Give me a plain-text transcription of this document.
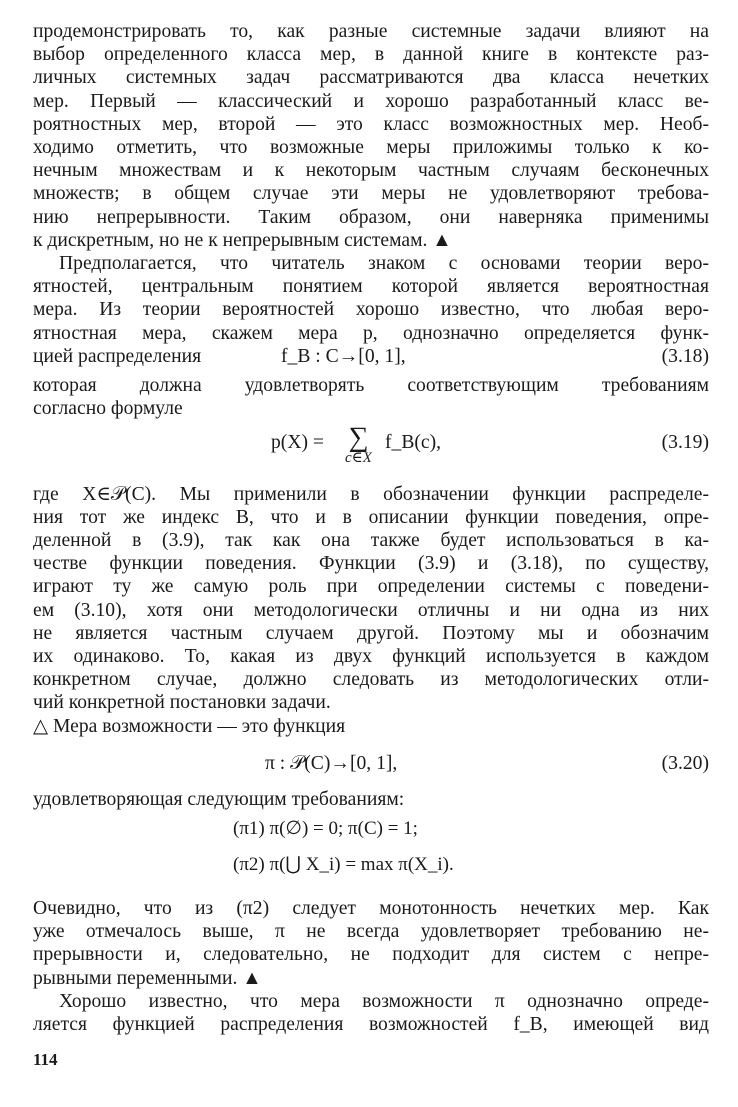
продемонстрировать то, как разные системные задачи влияют на
выбор определенного класса мер, в данной книге в контексте раз-
личных системных задач рассматриваются два класса нечетких
мер. Первый — классический и хорошо разработанный класс ве-
роятностных мер, второй — это класс возможностных мер. Необ-
ходимо отметить, что возможные меры приложимы только к ко-
нечным множествам и к некоторым частным случаям бесконечных
множеств; в общем случае эти меры не удовлетворяют требова-
нию непрерывности. Таким образом, они наверняка применимы
к дискретным, но не к непрерывным системам. ▲
Предполагается, что читатель знаком с основами теории веро-
ятностей, центральным понятием которой является вероятностная
мера. Из теории вероятностей хорошо известно, что любая веро-
ятностная мера, скажем мера p, однозначно определяется функ-
цией распределения	f_B : C→[0, 1],	(3.18)
которая должна удовлетворять соответствующим требованиям
согласно формуле
p(X) = ∑
c∈X
f_B(c),	(3.19)
где X∈𝒫(C). Мы применили в обозначении функции распределе-
ния тот же индекс B, что и в описании функции поведения, опре-
деленной в (3.9), так как она также будет использоваться в ка-
честве функции поведения. Функции (3.9) и (3.18), по существу,
играют ту же самую роль при определении системы с поведени-
ем (3.10), хотя они методологически отличны и ни одна из них
не является частным случаем другой. Поэтому мы и обозначим
их одинаково. То, какая из двух функций используется в каждом
конкретном случае, должно следовать из методологических отли-
чий конкретной постановки задачи.
△ Мера возможности — это функция
π : 𝒫(C)→[0, 1],	(3.20)
удовлетворяющая следующим требованиям:
(π1) π(∅) = 0; π(C) = 1;
(π2) π(⋃ X_i) = max π(X_i).
Очевидно, что из (π2) следует монотонность нечетких мер. Как
уже отмечалось выше, π не всегда удовлетворяет требованию не-
прерывности и, следовательно, не подходит для систем с непре-
рывными переменными. ▲
Хорошо известно, что мера возможности π однозначно опреде-
ляется функцией распределения возможностей f_B, имеющей вид
114
